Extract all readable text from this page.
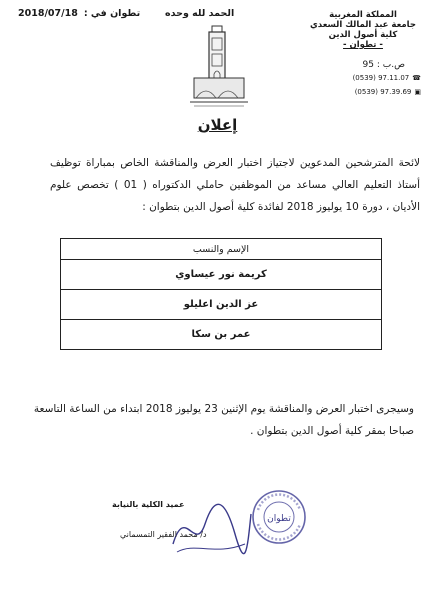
المملكة المغربية
جامعة عبد المالك السعدي
كلية أصول الدين
- تطوان -
ص.ب : 95
(0539) 97.11.07 ☎
(0539) 97.39.69 ▣
الحمد لله وحده
تطوان في :
2018/07/18
إعلان
لائحة المترشحين المدعوين لاجتياز اختبار العرض والمناقشة الخاص بمباراة توظيف أستاذ التعليم العالي مساعد من الموظفين حاملي الدكتوراه ( 01 ) تخصص علوم الأديان ، دورة 10 يوليوز 2018 لفائدة كلية أصول الدين بتطوان :
الإسم والنسب
كريمة نور عيساوي
عز الدين اعليلو
عمر بن سكا
وسيجرى اختبار العرض والمناقشة يوم الإثنين 23 يوليوز 2018 ابتداء من الساعة التاسعة صباحا بمقر كلية أصول الدين بتطوان .
تطوان
عميد الكلية بالنيابة
د/ محمد الفقير التمسماني
